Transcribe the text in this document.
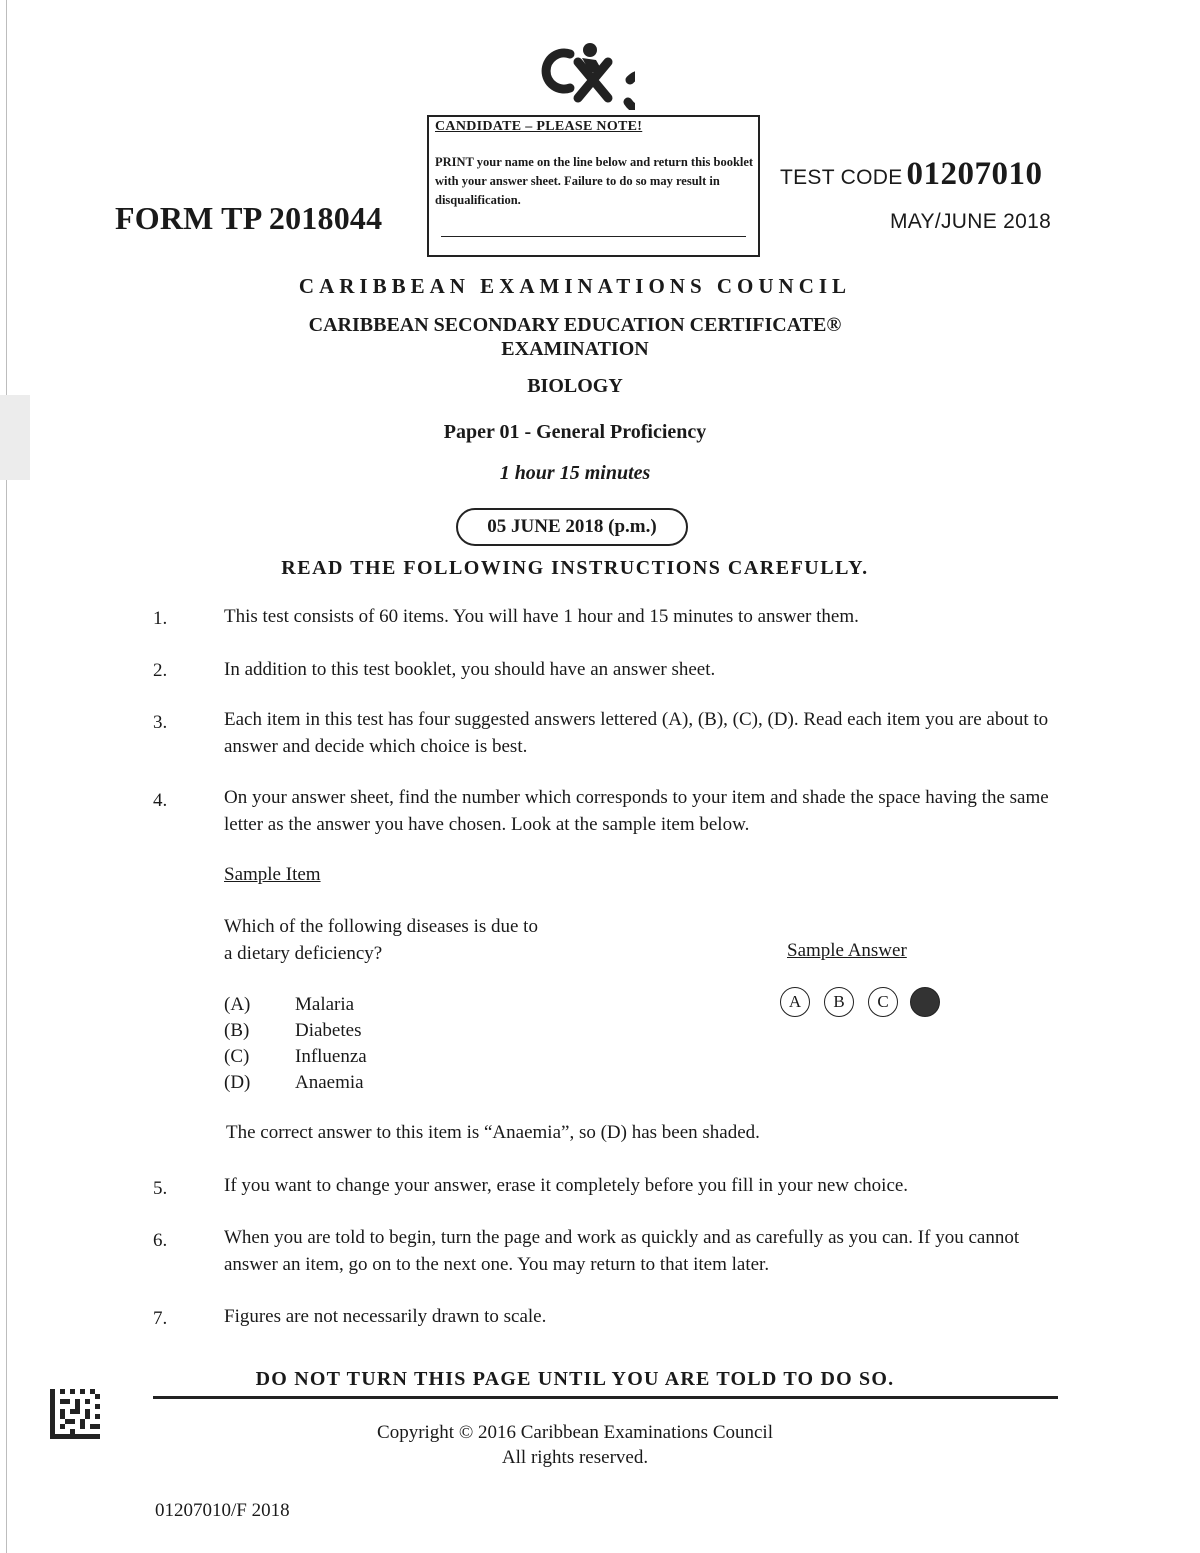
CANDIDATE – PLEASE NOTE!
PRINT your name on the line below and return this booklet with your answer sheet. Failure to do so may result in disqualification.
FORM TP 2018044
TEST CODE 01207010
MAY/JUNE 2018
CARIBBEAN EXAMINATIONS COUNCIL
CARIBBEAN SECONDARY EDUCATION CERTIFICATE®
EXAMINATION
BIOLOGY
Paper 01 - General Proficiency
1 hour 15 minutes
05 JUNE 2018 (p.m.)
READ THE FOLLOWING INSTRUCTIONS CAREFULLY.
1.	This test consists of 60 items. You will have 1 hour and 15 minutes to answer them.
2.	In addition to this test booklet, you should have an answer sheet.
3.	Each item in this test has four suggested answers lettered (A), (B), (C), (D). Read each item you are about to answer and decide which choice is best.
4.	On your answer sheet, find the number which corresponds to your item and shade the space having the same letter as the answer you have chosen. Look at the sample item below.
Sample Item
Which of the following diseases is due to
a dietary deficiency?
(A) Malaria
(B) Diabetes
(C) Influenza
(D) Anaemia
Sample Answer
A	B	C
The correct answer to this item is “Anaemia”, so (D) has been shaded.
5.	If you want to change your answer, erase it completely before you fill in your new choice.
6.	When you are told to begin, turn the page and work as quickly and as carefully as you can. If you cannot answer an item, go on to the next one. You may return to that item later.
7.	Figures are not necessarily drawn to scale.
DO NOT TURN THIS PAGE UNTIL YOU ARE TOLD TO DO SO.
Copyright © 2016 Caribbean Examinations Council
All rights reserved.
01207010/F 2018
